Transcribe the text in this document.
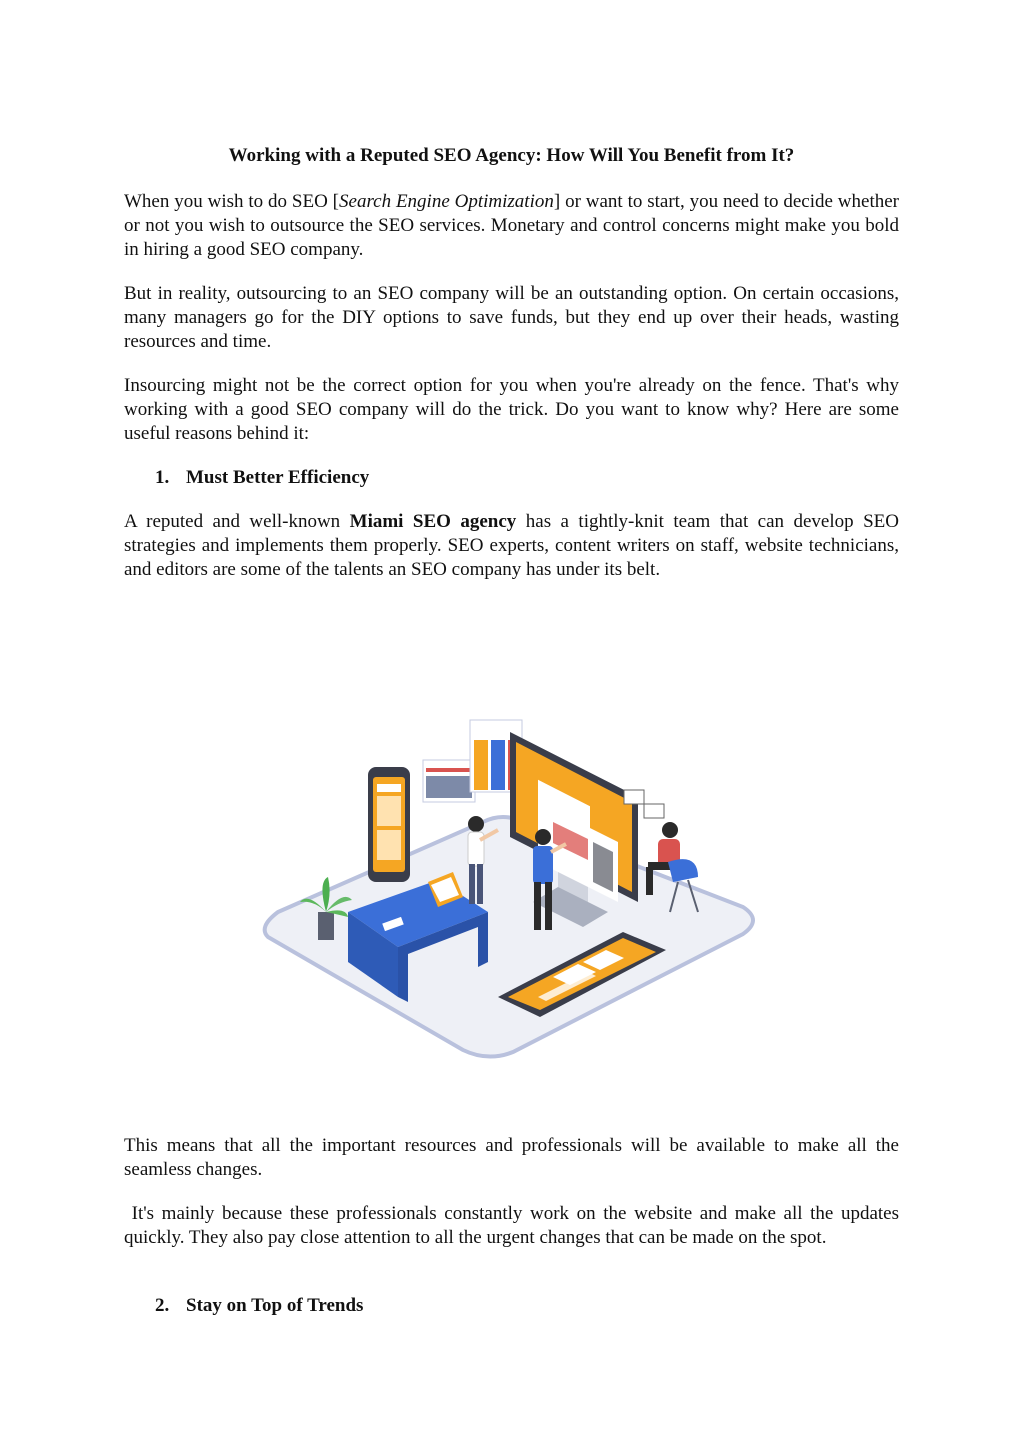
Working with a Reputed SEO Agency: How Will You Benefit from It?

When you wish to do SEO [Search Engine Optimization] or want to start, you need to decide whether or not you wish to outsource the SEO services. Monetary and control concerns might make you bold in hiring a good SEO company.

But in reality, outsourcing to an SEO company will be an outstanding option. On certain occasions, many managers go for the DIY options to save funds, but they end up over their heads, wasting resources and time.

Insourcing might not be the correct option for you when you're already on the fence. That's why working with a good SEO company will do the trick. Do you want to know why? Here are some useful reasons behind it:

1. Must Better Efficiency

A reputed and well-known Miami SEO agency has a tightly-knit team that can develop SEO strategies and implements them properly. SEO experts, content writers on staff, website technicians, and editors are some of the talents an SEO company has under its belt.

This means that all the important resources and professionals will be available to make all the seamless changes.

It's mainly because these professionals constantly work on the website and make all the updates quickly. They also pay close attention to all the urgent changes that can be made on the spot.

2. Stay on Top of Trends
